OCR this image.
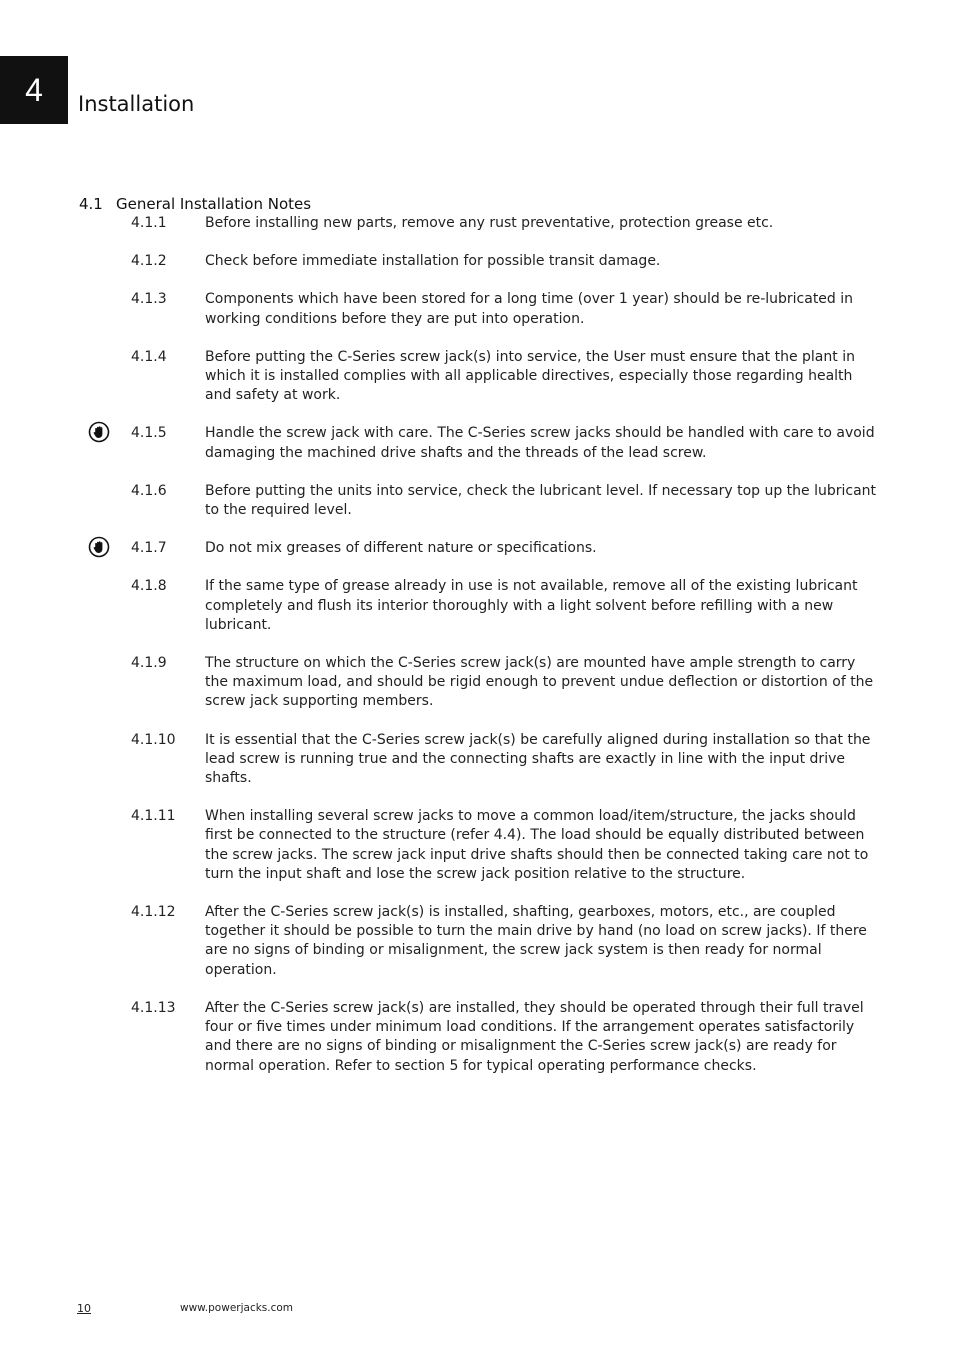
4 Installation
4.1 General Installation Notes
4.1.1	Before installing new parts, remove any rust preventative, protection grease etc.
4.1.2	Check before immediate installation for possible transit damage.
4.1.3	Components which have been stored for a long time (over 1 year) should be re-lubricated in working conditions before they are put into operation.
4.1.4	Before putting the C-Series screw jack(s) into service, the User must ensure that the plant in which it is installed complies with all applicable directives, especially those regarding health and safety at work.
4.1.5	Handle the screw jack with care. The C-Series screw jacks should be handled with care to avoid damaging the machined drive shafts and the threads of the lead screw.
4.1.6	Before putting the units into service, check the lubricant level. If necessary top up the lubricant to the required level.
4.1.7	Do not mix greases of different nature or specifications.
4.1.8	If the same type of grease already in use is not available, remove all of the existing lubricant completely and flush its interior thoroughly with a light solvent before refilling with a new lubricant.
4.1.9	The structure on which the C-Series screw jack(s) are mounted have ample strength to carry the maximum load, and should be rigid enough to prevent undue deflection or distortion of the screw jack supporting members.
4.1.10	It is essential that the C-Series screw jack(s) be carefully aligned during installation so that the lead screw is running true and the connecting shafts are exactly in line with the input drive shafts.
4.1.11	When installing several screw jacks to move a common load/item/structure, the jacks should first be connected to the structure (refer 4.4). The load should be equally distributed between the screw jacks. The screw jack input drive shafts should then be connected taking care not to turn the input shaft and lose the screw jack position relative to the structure.
4.1.12	After the C-Series screw jack(s) is installed, shafting, gearboxes, motors, etc., are coupled together it should be possible to turn the main drive by hand (no load on screw jacks). If there are no signs of binding or misalignment, the screw jack system is then ready for normal operation.
4.1.13	After the C-Series screw jack(s) are installed, they should be operated through their full travel four or five times under minimum load conditions. If the arrangement operates satisfactorily and there are no signs of binding or misalignment the C-Series screw jack(s) are ready for normal operation. Refer to section 5 for typical operating performance checks.
10	www.powerjacks.com
